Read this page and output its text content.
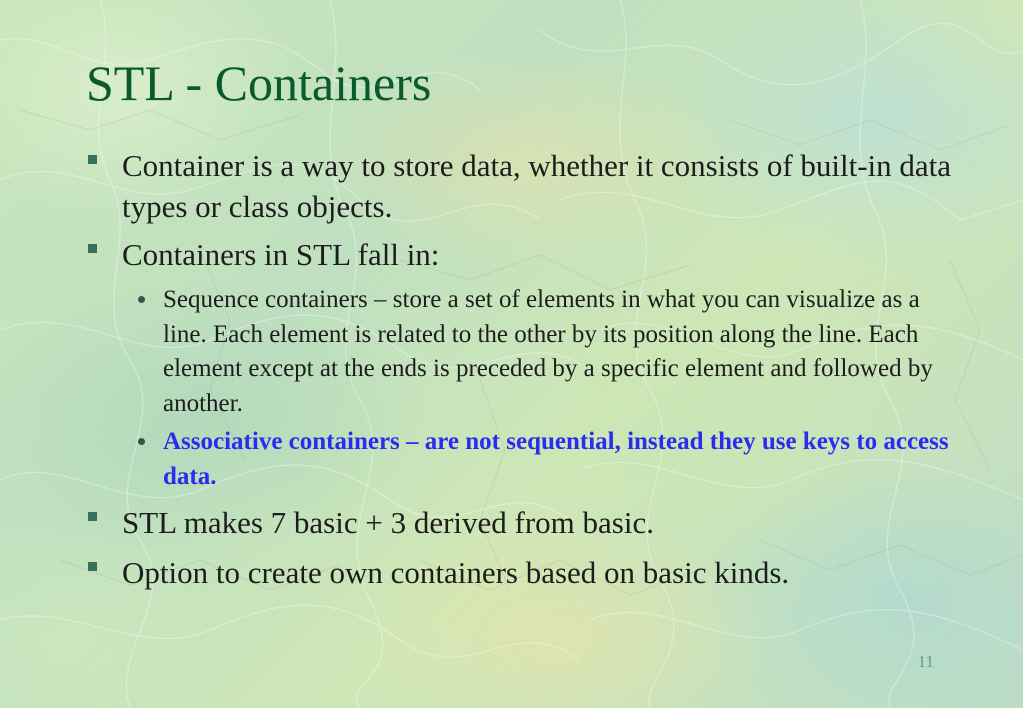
STL - Containers
Container is a way to store data, whether it consists of built-in data types or class objects.
Containers in STL fall in:
Sequence containers – store a set of elements in what you can visualize as a line. Each element is related to the other by its position along the line. Each element except at the ends is preceded by a specific element and followed by another.
Associative containers – are not sequential, instead they use keys to access data.
STL makes 7 basic + 3 derived from basic.
Option to create own containers based on basic kinds.
11
